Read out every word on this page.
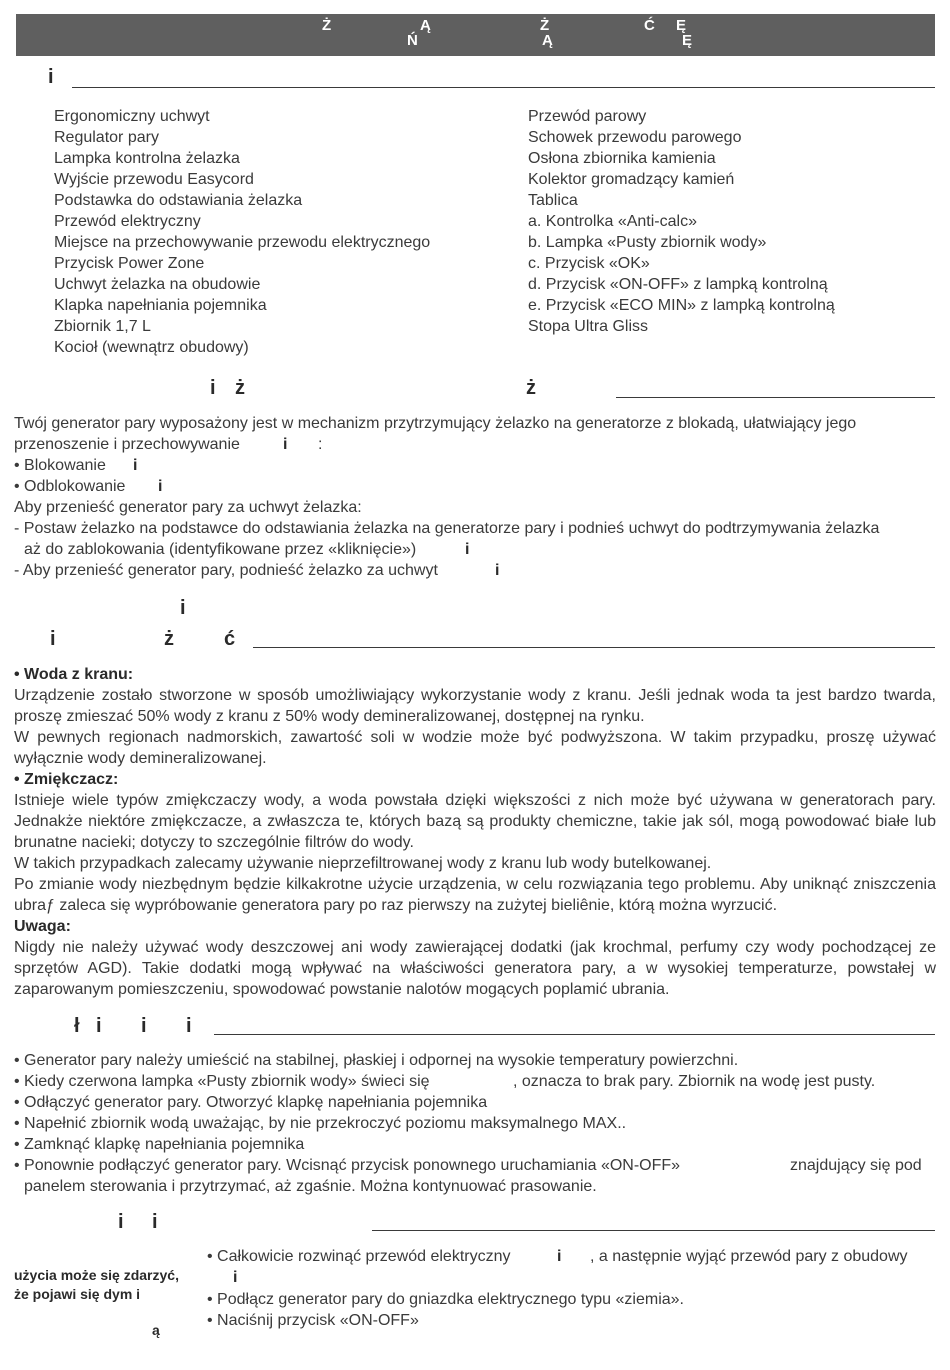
Ż
Ń
Ą	Ż
Ą
Ć Ę
Ę
i
Ergonomiczny uchwyt
Regulator pary
Lampka kontrolna żelazka
Wyjście przewodu Easycord
Podstawka do odstawiania żelazka
Przewód elektryczny
Miejsce na przechowywanie przewodu elektrycznego
Przycisk Power Zone
Uchwyt żelazka na obudowie
Klapka napełniania pojemnika
Zbiornik 1,7 L
Kocioł (wewnątrz obudowy)
Przewód parowy
Schowek przewodu parowego
Osłona zbiornika kamienia
Kolektor gromadzący kamień
Tablica
a. Kontrolka «Anti-calc»
b. Lampka «Pusty zbiornik wody»
c. Przycisk «OK»
d. Przycisk «ON-OFF» z lampką kontrolną
e. Przycisk «ECO MIN» z lampką kontrolną
Stopa Ultra Gliss
i ż	ż
Twój generator pary wyposażony jest w mechanizm przytrzymujący żelazko na generatorze z blokadą, ułatwiający jego
przenoszenie i przechowywanie	i :
• Blokowanie i
• Odblokowanie i
Aby przenieść generator pary za uchwyt żelazka:
- Postaw żelazko na podstawce do odstawiania żelazka na generatorze pary i podnieś uchwyt do podtrzymywania żelazka
aż do zablokowania (identyfikowane przez «kliknięcie»)	i
- Aby przenieść generator pary, podnieść żelazko za uchwyt	i
i
i	ż	ć
• Woda z kranu:
Urządzenie zostało stworzone w sposób umożliwiający wykorzystanie wody z kranu. Jeśli jednak woda ta jest bardzo twarda, proszę zmieszać 50% wody z kranu z 50% wody demineralizowanej, dostępnej na rynku.
W pewnych regionach nadmorskich, zawartość soli w wodzie może być podwyższona. W takim przypadku, proszę używać wyłącznie wody demineralizowanej.
• Zmiękczacz:
Istnieje wiele typów zmiękczaczy wody, a woda powstała dzięki większości z nich może być używana w generatorach pary. Jednakże niektóre zmiękczacze, a zwłaszcza te, których bazą są produkty chemiczne, takie jak sól, mogą powodować białe lub brunatne nacieki; dotyczy to szczególnie filtrów do wody.
W takich przypadkach zalecamy używanie nieprzefiltrowanej wody z kranu lub wody butelkowanej.
Po zmianie wody niezbędnym będzie kilkakrotne użycie urządzenia, w celu rozwiązania tego problemu. Aby uniknąć zniszczenia ubraƒ zaleca się wypróbowanie generatora pary po raz pierwszy na zużytej bieliênie, którą można wyrzucić.
Uwaga:
Nigdy nie należy używać wody deszczowej ani wody zawierającej dodatki (jak krochmal, perfumy czy wody pochodzącej ze sprzętów AGD). Takie dodatki mogą wpływać na właściwości generatora pary, a w wysokiej temperaturze, powstałej w zaparowanym pomieszczeniu, spowodować powstanie nalotów mogących poplamić ubrania.
ł i i i
• Generator pary należy umieścić na stabilnej, płaskiej i odpornej na wysokie temperatury powierzchni.
• Kiedy czerwona lampka «Pusty zbiornik wody» świeci się	, oznacza to brak pary. Zbiornik na wodę jest pusty.
• Odłączyć generator pary. Otworzyć klapkę napełniania pojemnika
• Napełnić zbiornik wodą uważając, by nie przekroczyć poziomu maksymalnego MAX..
• Zamknąć klapkę napełniania pojemnika
• Ponownie podłączyć generator pary. Wcisnąć przycisk ponownego uruchamiania «ON-OFF»	znajdujący się pod
panelem sterowania i przytrzymać, aż zgaśnie. Można kontynuować prasowanie.
i i
użycia może się zdarzyć,
że pojawi się dym i
ą
• Całkowicie rozwinąć przewód elektryczny	i , a następnie wyjąć przewód pary z obudowy
i
• Podłącz generator pary do gniazdka elektrycznego typu «ziemia».
• Naciśnij przycisk «ON-OFF»
